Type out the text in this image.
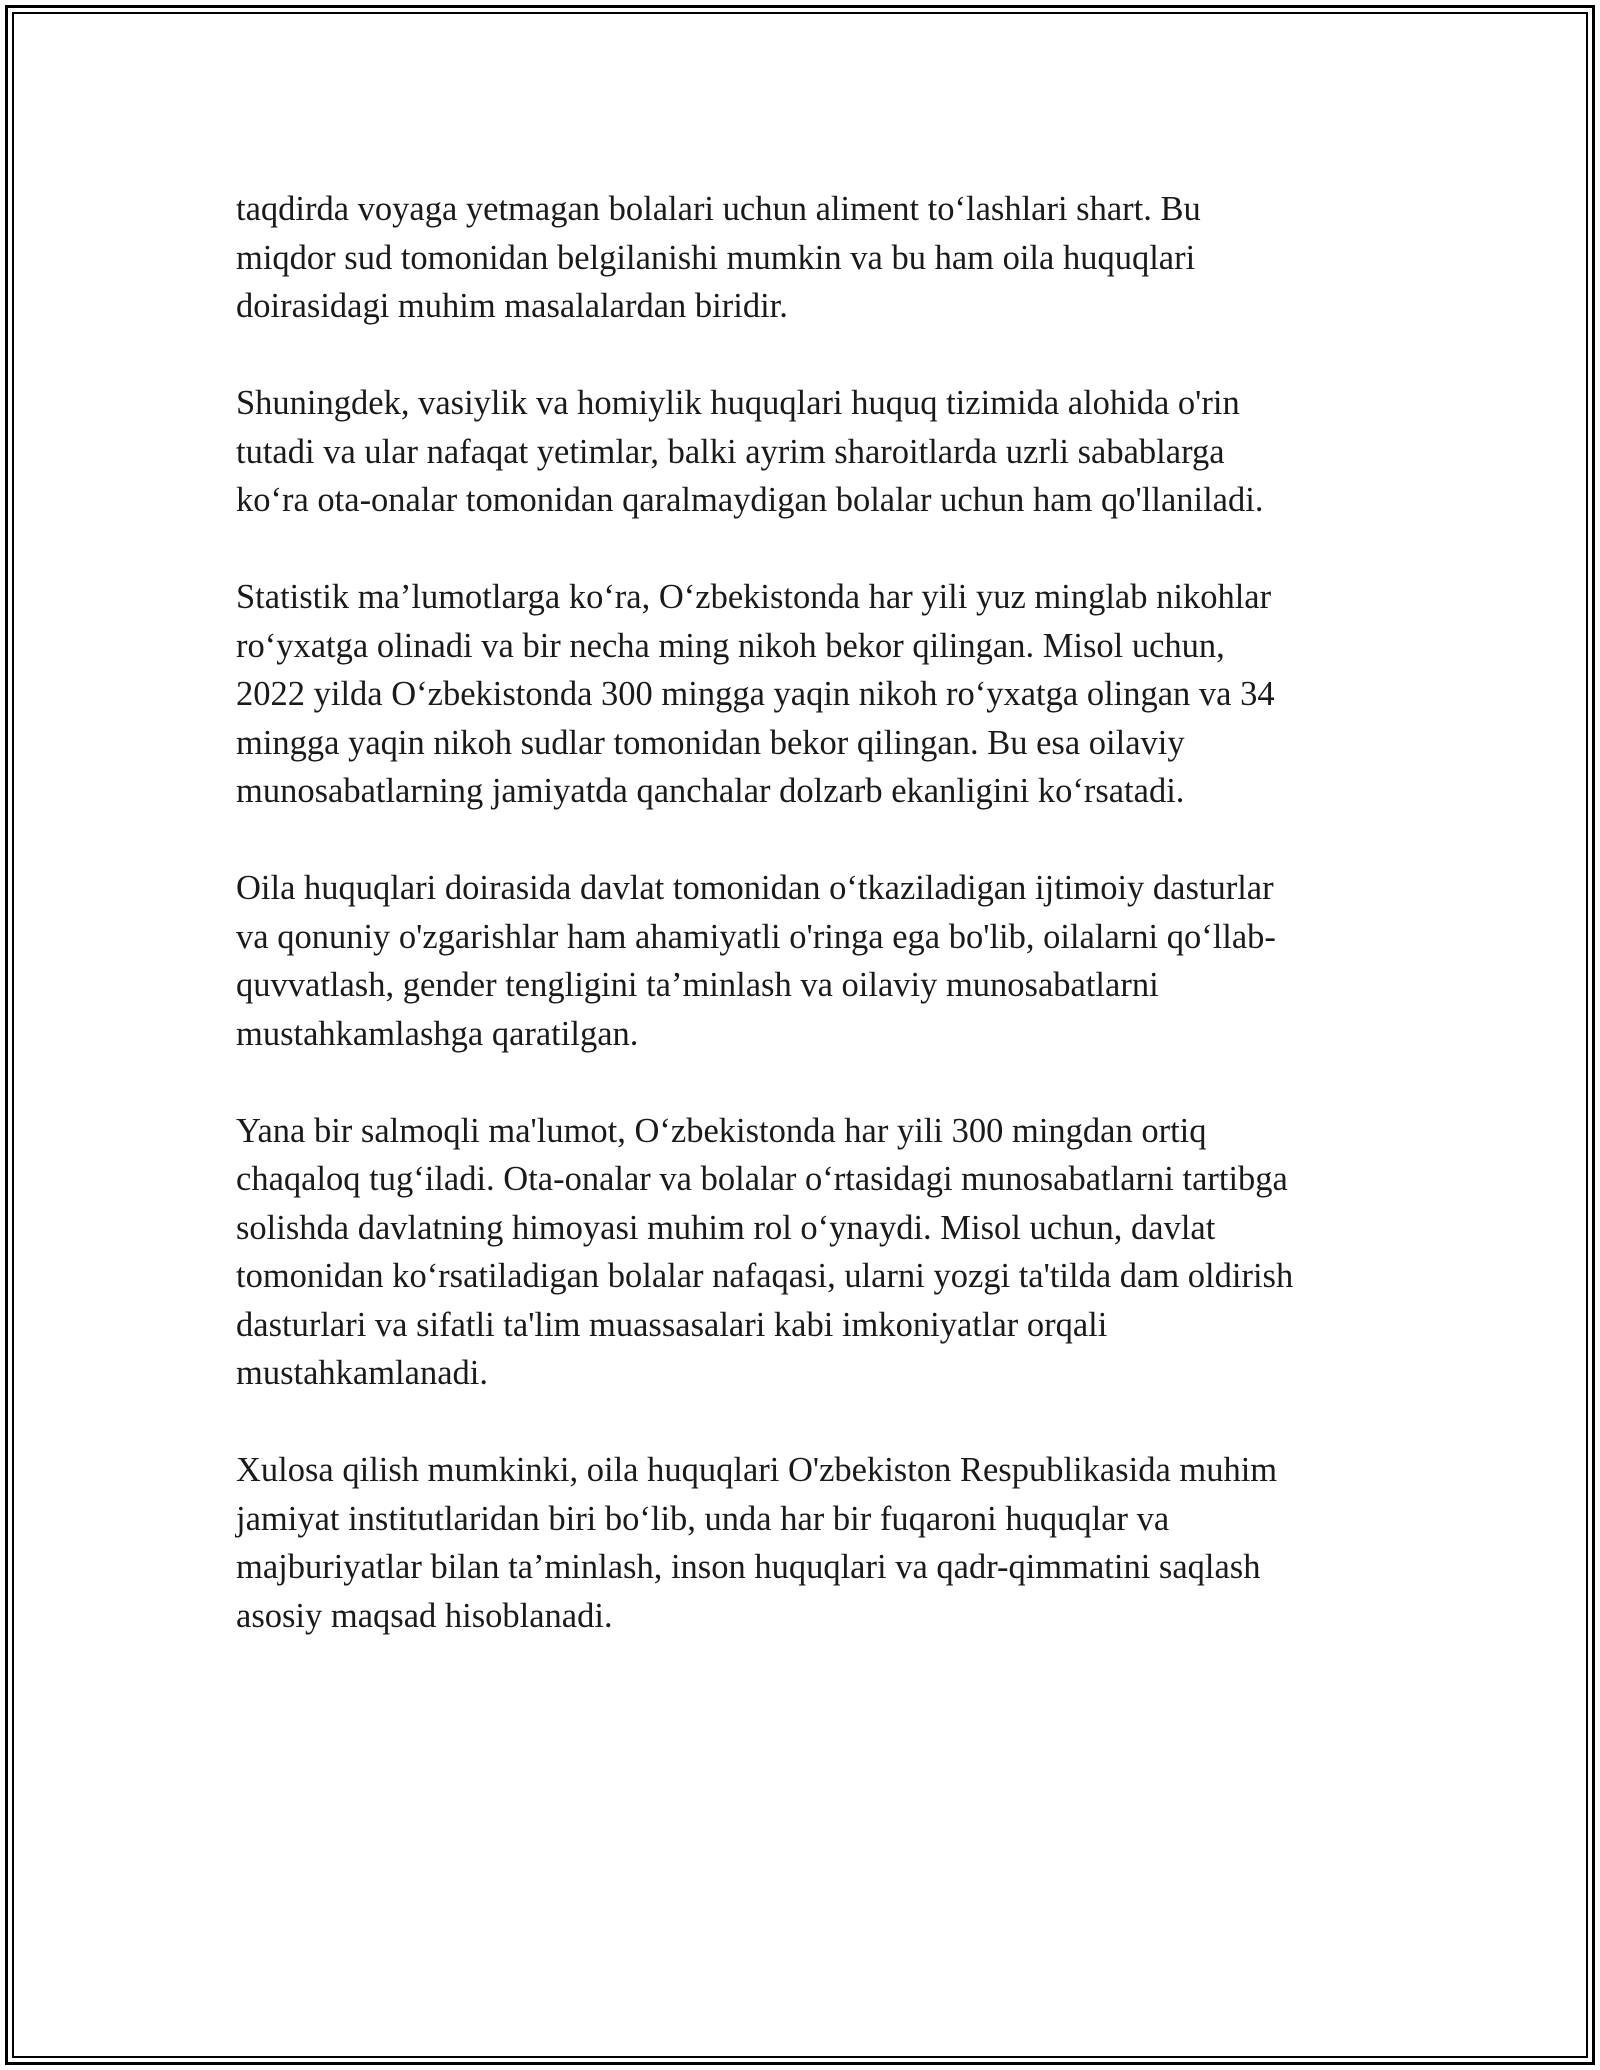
taqdirda voyaga yetmagan bolalari uchun aliment to‘lashlari shart. Bu
miqdor sud tomonidan belgilanishi mumkin va bu ham oila huquqlari
doirasidagi muhim masalalardan biridir.

Shuningdek, vasiylik va homiylik huquqlari huquq tizimida alohida o'rin
tutadi va ular nafaqat yetimlar, balki ayrim sharoitlarda uzrli sabablarga
ko‘ra ota-onalar tomonidan qaralmaydigan bolalar uchun ham qo'llaniladi.

Statistik ma’lumotlarga ko‘ra, O‘zbekistonda har yili yuz minglab nikohlar
ro‘yxatga olinadi va bir necha ming nikoh bekor qilingan. Misol uchun,
2022 yilda O‘zbekistonda 300 mingga yaqin nikoh ro‘yxatga olingan va 34
mingga yaqin nikoh sudlar tomonidan bekor qilingan. Bu esa oilaviy
munosabatlarning jamiyatda qanchalar dolzarb ekanligini ko‘rsatadi.

Oila huquqlari doirasida davlat tomonidan o‘tkaziladigan ijtimoiy dasturlar
va qonuniy o'zgarishlar ham ahamiyatli o'ringa ega bo'lib, oilalarni qo‘llab-
quvvatlash, gender tengligini ta’minlash va oilaviy munosabatlarni
mustahkamlashga qaratilgan.

Yana bir salmoqli ma'lumot, O‘zbekistonda har yili 300 mingdan ortiq
chaqaloq tug‘iladi. Ota-onalar va bolalar o‘rtasidagi munosabatlarni tartibga
solishda davlatning himoyasi muhim rol o‘ynaydi. Misol uchun, davlat
tomonidan ko‘rsatiladigan bolalar nafaqasi, ularni yozgi ta'tilda dam oldirish
dasturlari va sifatli ta'lim muassasalari kabi imkoniyatlar orqali
mustahkamlanadi.

Xulosa qilish mumkinki, oila huquqlari O'zbekiston Respublikasida muhim
jamiyat institutlaridan biri bo‘lib, unda har bir fuqaroni huquqlar va
majburiyatlar bilan ta’minlash, inson huquqlari va qadr-qimmatini saqlash
asosiy maqsad hisoblanadi.
